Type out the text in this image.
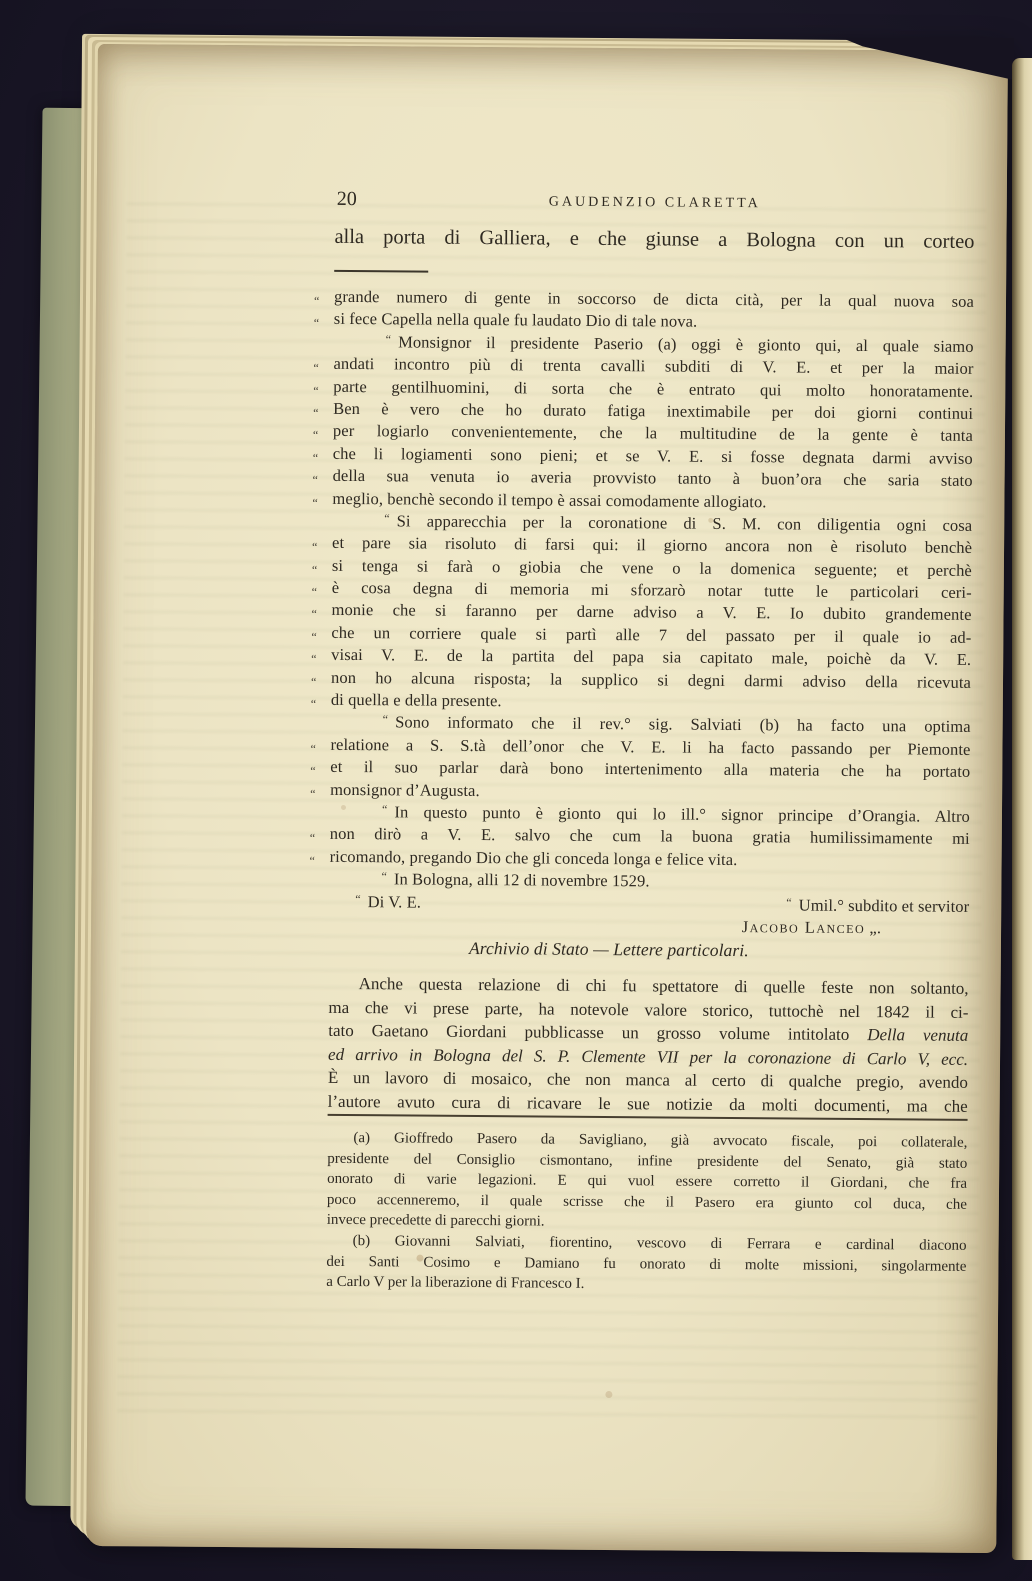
20	GAUDENZIO CLARETTA
alla porta di Galliera, e che giunse a Bologna con un corteo
“ grande numero di gente in soccorso de dicta cità, per la qual nuova soa
“ si fece Capella nella quale fu laudato Dio di tale nova.
“ Monsignor il presidente Paserio (a) oggi è gionto qui, al quale siamo
“ andati incontro più di trenta cavalli subditi di V. E. et per la maior
“ parte gentilhuomini, di sorta che è entrato qui molto honoratamente.
“ Ben è vero che ho durato fatiga inextimabile per doi giorni continui
“ per logiarlo convenientemente, che la multitudine de la gente è tanta
“ che li logiamenti sono pieni; et se V. E. si fosse degnata darmi avviso
“ della sua venuta io averia provvisto tanto à buon’ora che saria stato
“ meglio, benchè secondo il tempo è assai comodamente allogiato.
“ Si apparecchia per la coronatione di S. M. con diligentia ogni cosa
“ et pare sia risoluto di farsi qui: il giorno ancora non è risoluto benchè
“ si tenga si farà o giobia che vene o la domenica seguente; et perchè
“ è cosa degna di memoria mi sforzarò notar tutte le particolari ceri-
“ monie che si faranno per darne adviso a V. E. Io dubito grandemente
“ che un corriere quale si partì alle 7 del passato per il quale io ad-
“ visai V. E. de la partita del papa sia capitato male, poichè da V. E.
“ non ho alcuna risposta; la supplico si degni darmi adviso della ricevuta
“ di quella e della presente.
“ Sono informato che il rev.° sig. Salviati (b) ha facto una optima
“ relatione a S. S.tà dell’onor che V. E. li ha facto passando per Piemonte
“ et il suo parlar darà bono intertenimento alla materia che ha portato
“ monsignor d’Augusta.
“ In questo punto è gionto qui lo ill.° signor principe d’Orangia. Altro
“ non dirò a V. E. salvo che cum la buona gratia humilissimamente mi
“ ricomando, pregando Dio che gli conceda longa e felice vita.
“ In Bologna, alli 12 di novembre 1529.
“ Di V. E.	“ Umil.° subdito et servitor
Jacobo Lanceo „.
Archivio di Stato — Lettere particolari.
Anche questa relazione di chi fu spettatore di quelle feste non soltanto,
ma che vi prese parte, ha notevole valore storico, tuttochè nel 1842 il ci-
tato Gaetano Giordani pubblicasse un grosso volume intitolato Della venuta
ed arrivo in Bologna del S. P. Clemente VII per la coronazione di Carlo V, ecc.
È un lavoro di mosaico, che non manca al certo di qualche pregio, avendo
l’autore avuto cura di ricavare le sue notizie da molti documenti, ma che
(a) Gioffredo Pasero da Savigliano, già avvocato fiscale, poi collaterale,
presidente del Consiglio cismontano, infine presidente del Senato, già stato
onorato di varie legazioni. E qui vuol essere corretto il Giordani, che fra
poco accenneremo, il quale scrisse che il Pasero era giunto col duca, che
invece precedette di parecchi giorni.
(b) Giovanni Salviati, fiorentino, vescovo di Ferrara e cardinal diacono
dei Santi Cosimo e Damiano fu onorato di molte missioni, singolarmente
a Carlo V per la liberazione di Francesco I.
